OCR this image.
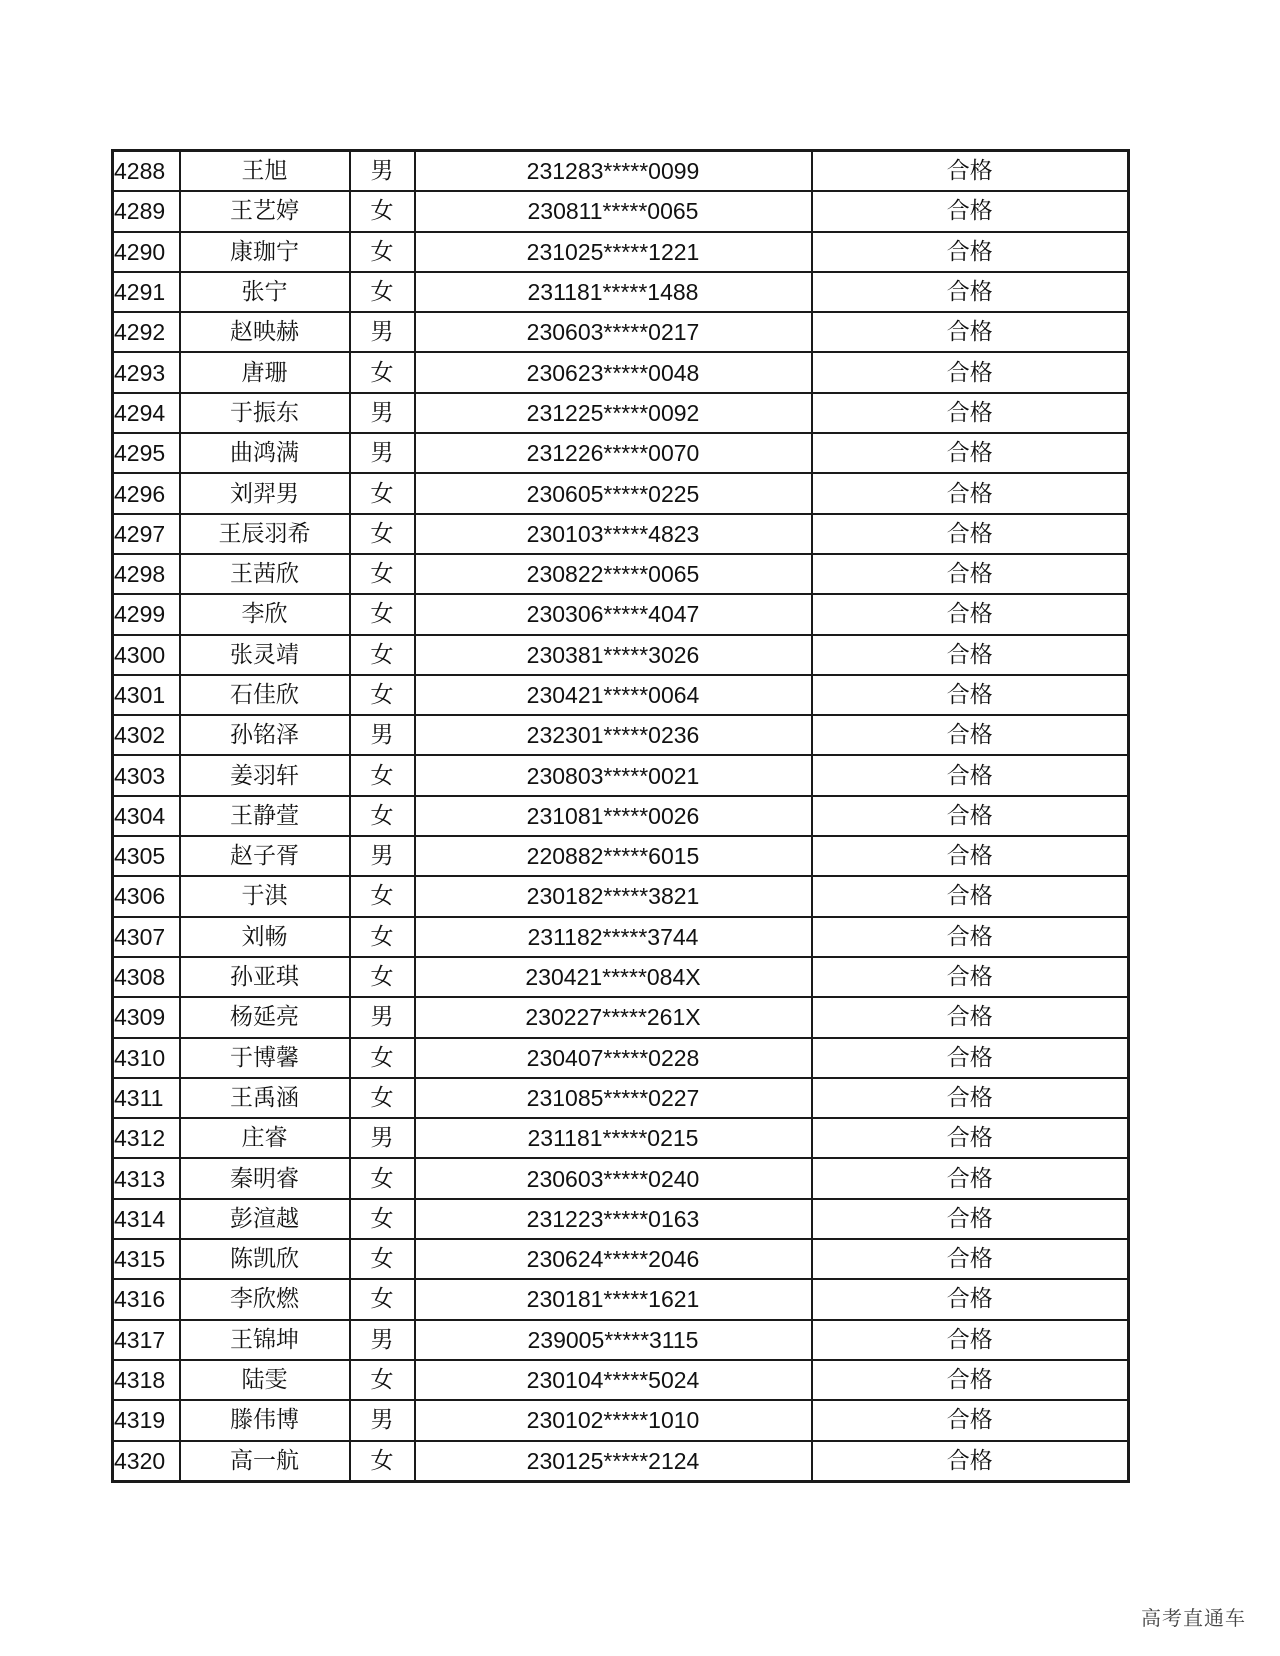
4288	王旭	男	231283*****0099	合格
4289	王艺婷	女	230811*****0065	合格
4290	康珈宁	女	231025*****1221	合格
4291	张宁	女	231181*****1488	合格
4292	赵映赫	男	230603*****0217	合格
4293	唐珊	女	230623*****0048	合格
4294	于振东	男	231225*****0092	合格
4295	曲鸿满	男	231226*****0070	合格
4296	刘羿男	女	230605*****0225	合格
4297	王辰羽希	女	230103*****4823	合格
4298	王茜欣	女	230822*****0065	合格
4299	李欣	女	230306*****4047	合格
4300	张灵靖	女	230381*****3026	合格
4301	石佳欣	女	230421*****0064	合格
4302	孙铭泽	男	232301*****0236	合格
4303	姜羽轩	女	230803*****0021	合格
4304	王静萱	女	231081*****0026	合格
4305	赵子胥	男	220882*****6015	合格
4306	于淇	女	230182*****3821	合格
4307	刘畅	女	231182*****3744	合格
4308	孙亚琪	女	230421*****084X	合格
4309	杨延亮	男	230227*****261X	合格
4310	于博馨	女	230407*****0228	合格
4311	王禹涵	女	231085*****0227	合格
4312	庄睿	男	231181*****0215	合格
4313	秦明睿	女	230603*****0240	合格
4314	彭渲越	女	231223*****0163	合格
4315	陈凯欣	女	230624*****2046	合格
4316	李欣燃	女	230181*****1621	合格
4317	王锦坤	男	239005*****3115	合格
4318	陆雯	女	230104*****5024	合格
4319	滕伟博	男	230102*****1010	合格
4320	高一航	女	230125*****2124	合格
高考直通车
